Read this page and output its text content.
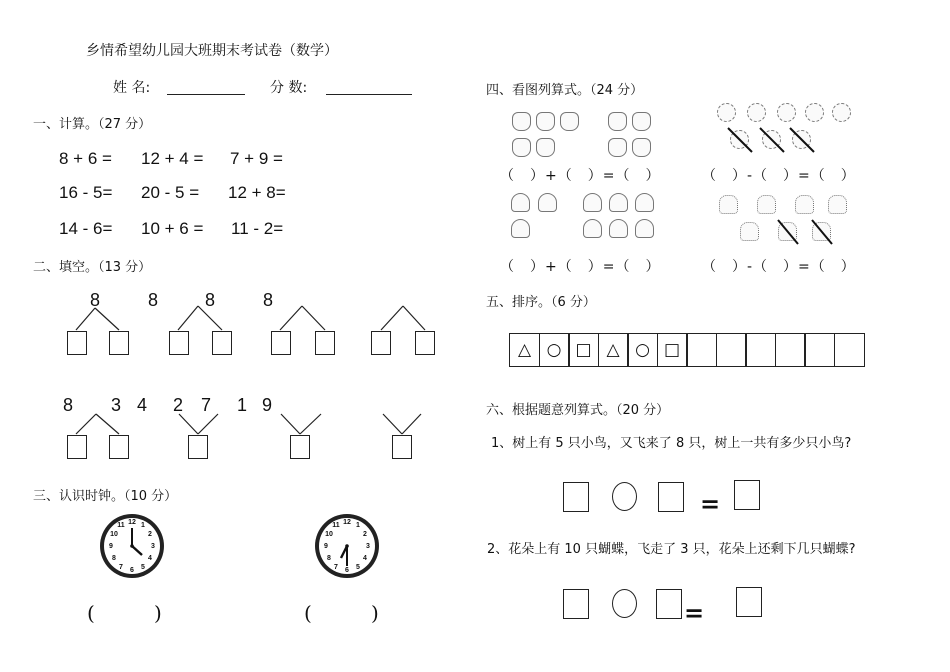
乡情希望幼儿园大班期末考试卷（数学）
姓 名:	分 数:
一、计算。（27 分）
8 + 6 = 12 + 4 = 7 + 9 =
16 - 5= 20 - 5 = 12 + 8=
14 - 6= 10 + 6 = 11 - 2=
二、填空。（13 分）
8	8	8	8
8 3 4 2 7 1 9
三、认识时钟。（10 分）
12 1
2
3
4
5
6
7
8
9
10
11	12 1
2
3
4
5
6
7
8
9
10
11
(	)	(	)
四、看图列算式。（24 分）
（　）+（　）=（　）	（　）-（　）=（　）
（　）+（　）=（　）	（　）-（　）=（　）
五、排序。（6 分）
△ ○ □ △ ○ □
六、根据题意列算式。（20 分）
1、树上有 5 只小鸟，又飞来了 8 只，树上一共有多少只小鸟?
=
2、花朵上有 10 只蝴蝶，飞走了 3 只，花朵上还剩下几只蝴蝶?
=
